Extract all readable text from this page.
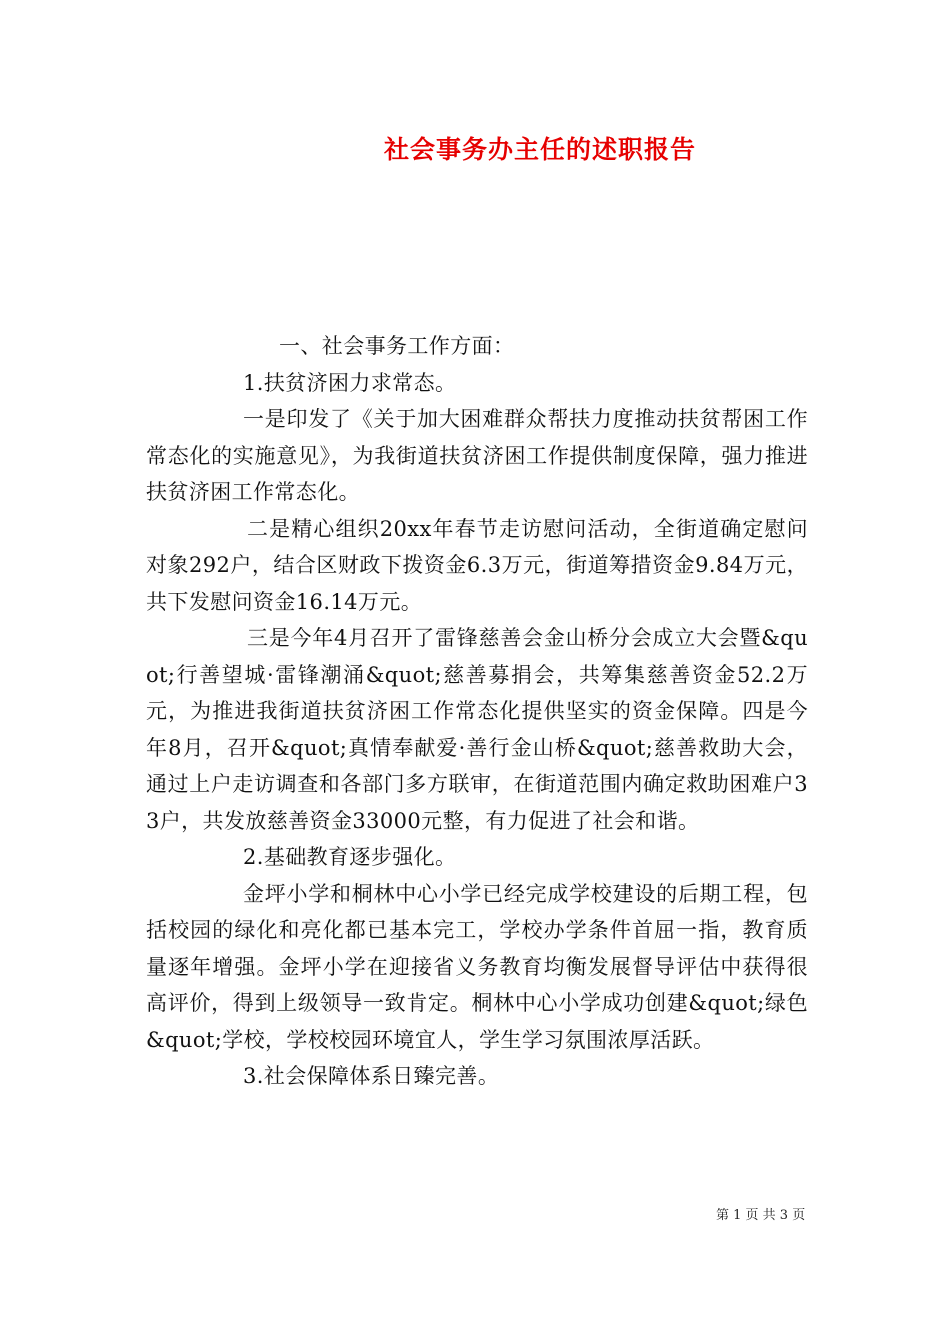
社会事务办主任的述职报告

一、社会事务工作方面：

1.扶贫济困力求常态。

一是印发了《关于加大困难群众帮扶力度推动扶贫帮困工作常态化的实施意见》，为我街道扶贫济困工作提供制度保障，强力推进扶贫济困工作常态化。

二是精心组织20xx年春节走访慰问活动，全街道确定慰问对象292户，结合区财政下拨资金6.3万元，街道筹措资金9.84万元，共下发慰问资金16.14万元。

三是今年4月召开了雷锋慈善会金山桥分会成立大会暨&quot;行善望城·雷锋潮涌&quot;慈善募捐会，共筹集慈善资金52.2万元，为推进我街道扶贫济困工作常态化提供坚实的资金保障。四是今年8月，召开&quot;真情奉献爱·善行金山桥&quot;慈善救助大会，通过上户走访调查和各部门多方联审，在街道范围内确定救助困难户33户，共发放慈善资金33000元整，有力促进了社会和谐。

2.基础教育逐步强化。

金坪小学和桐林中心小学已经完成学校建设的后期工程，包括校园的绿化和亮化都已基本完工，学校办学条件首屈一指，教育质量逐年增强。金坪小学在迎接省义务教育均衡发展督导评估中获得很高评价，得到上级领导一致肯定。桐林中心小学成功创建&quot;绿色&quot;学校，学校校园环境宜人，学生学习氛围浓厚活跃。

3.社会保障体系日臻完善。

第 1 页 共 3 页
